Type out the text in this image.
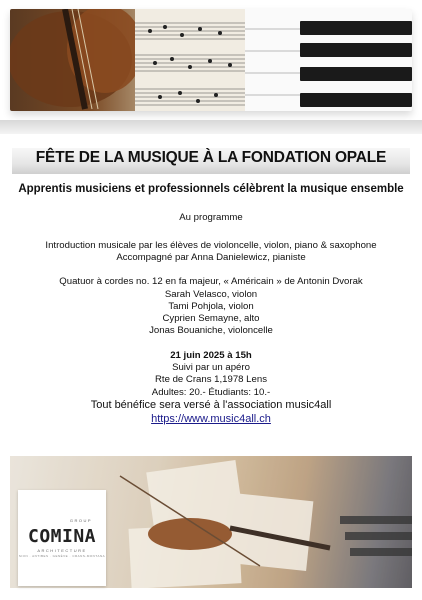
FÊTE DE LA MUSIQUE À LA FONDATION OPALE
Apprentis musiciens et professionnels célèbrent la musique ensemble
Au programme
Introduction musicale par les élèves de violoncelle, violon, piano & saxophone
Accompagné par Anna Danielewicz, pianiste
Quatuor à cordes no. 12 en fa majeur, « Américain » de Antonin Dvorak
Sarah Velasco, violon
Tami Pohjola, violon
Cyprien Semayne, alto
Jonas Bouaniche, violoncelle
21 juin 2025 à 15h
Suivi par un apéro
Rte de Crans 1,1978 Lens
Adultes: 20.- Étudiants: 10.-
Tout bénéfice sera versé à l'association music4all
https://www.music4all.ch
GROUP
COMINA
ARCHITECTURE
SION · ANTIBES · GENÈVE · CRANS-MONTANA
